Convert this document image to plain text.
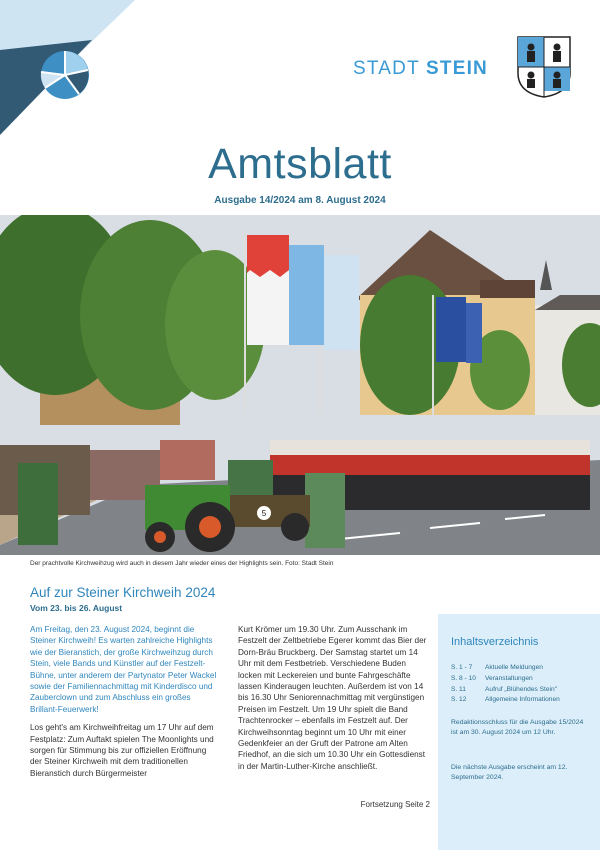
STADT STEIN
Amtsblatt
Ausgabe 14/2024 am 8. August 2024
5
Der prachtvolle Kirchweihzug wird auch in diesem Jahr wieder eines der Highlights sein. Foto: Stadt Stein
Auf zur Steiner Kirchweih 2024
Vom 23. bis 26. August

Am Freitag, den 23. August 2024, beginnt die Steiner Kirchweih! Es warten zahlreiche Highlights wie der Bieranstich, der große Kirchweihzug durch Stein, viele Bands und Künstler auf der Festzelt-Bühne, unter anderem der Partynator Peter Wackel sowie der Familiennachmittag mit Kinderdisco und Zauberclown und zum Abschluss ein großes Brillant-Feuerwerk!

Los geht's am Kirchweihfreitag um 17 Uhr auf dem Festplatz: Zum Auftakt spielen The Moonlights und sorgen für Stimmung bis zur offiziellen Eröffnung der Steiner Kirchweih mit dem traditionellen Bieranstich durch Bürgermeister

Kurt Krömer um 19.30 Uhr. Zum Ausschank im Festzelt der Zeltbetriebe Egerer kommt das Bier der Dorn-Bräu Bruckberg. Der Samstag startet um 14 Uhr mit dem Festbetrieb. Verschiedene Buden locken mit Leckereien und bunte Fahrgeschäfte lassen Kinderaugen leuchten. Außerdem ist von 14 bis 16.30 Uhr Seniorennachmittag mit vergünstigen Preisen im Festzelt. Um 19 Uhr spielt die Band Trachtenrocker – ebenfalls im Festzelt auf. Der Kirchweihsonntag beginnt um 10 Uhr mit einer Gedenkfeier an der Gruft der Patrone am Alten Friedhof, an die sich um 10.30 Uhr ein Gottesdienst in der Martin-Luther-Kirche anschließt.

Fortsetzung Seite 2
Inhaltsverzeichnis
S. 1 - 7	Aktuelle Meldungen
S. 8 - 10	Veranstaltungen
S. 11	Aufruf „Blühendes Stein"
S. 12	Allgemeine Informationen
Redaktionsschluss für die Ausgabe 15/2024
ist am 30. August 2024 um 12 Uhr.
Die nächste Ausgabe erscheint am 12. September 2024.
